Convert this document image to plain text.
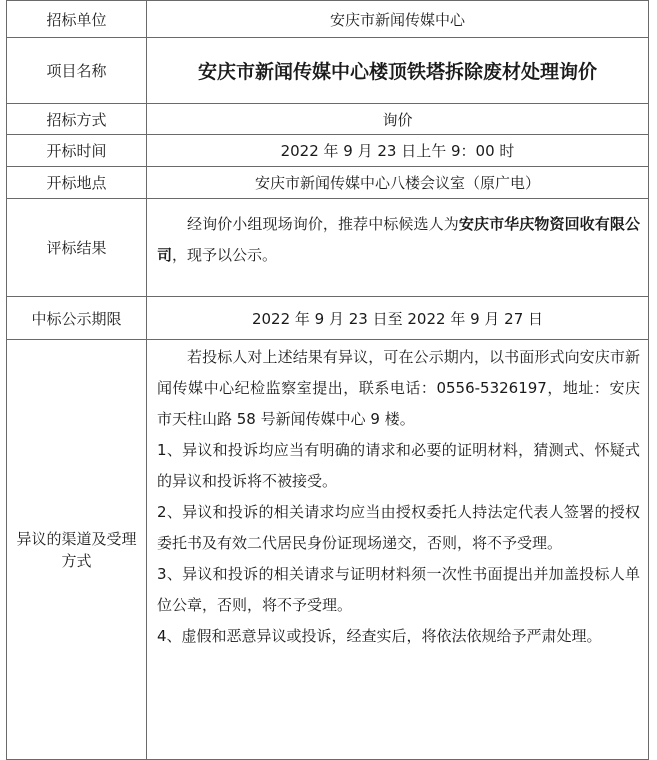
招标单位	安庆市新闻传媒中心
项目名称	安庆市新闻传媒中心楼顶铁塔拆除废材处理询价
招标方式	询价
开标时间	2022 年 9 月 23 日上午 9：00 时
开标地点	安庆市新闻传媒中心八楼会议室（原广电）
评标结果	经询价小组现场询价，推荐中标候选人为安庆市华庆物资回收有限公司，现予以公示。

中标公示期限	2022 年 9 月 23 日至 2022 年 9 月 27 日
异议的渠道及受理方式	若投标人对上述结果有异议，可在公示期内，以书面形式向安庆市新闻传媒中心纪检监察室提出，联系电话：0556-5326197，地址：安庆市天柱山路 58 号新闻传媒中心 9 楼。
1、异议和投诉均应当有明确的请求和必要的证明材料，猜测式、怀疑式的异议和投诉将不被接受。
2、异议和投诉的相关请求均应当由授权委托人持法定代表人签署的授权委托书及有效二代居民身份证现场递交，否则，将不予受理。
3、异议和投诉的相关请求与证明材料须一次性书面提出并加盖投标人单位公章，否则，将不予受理。
4、虚假和恶意异议或投诉，经查实后，将依法依规给予严肃处理。
